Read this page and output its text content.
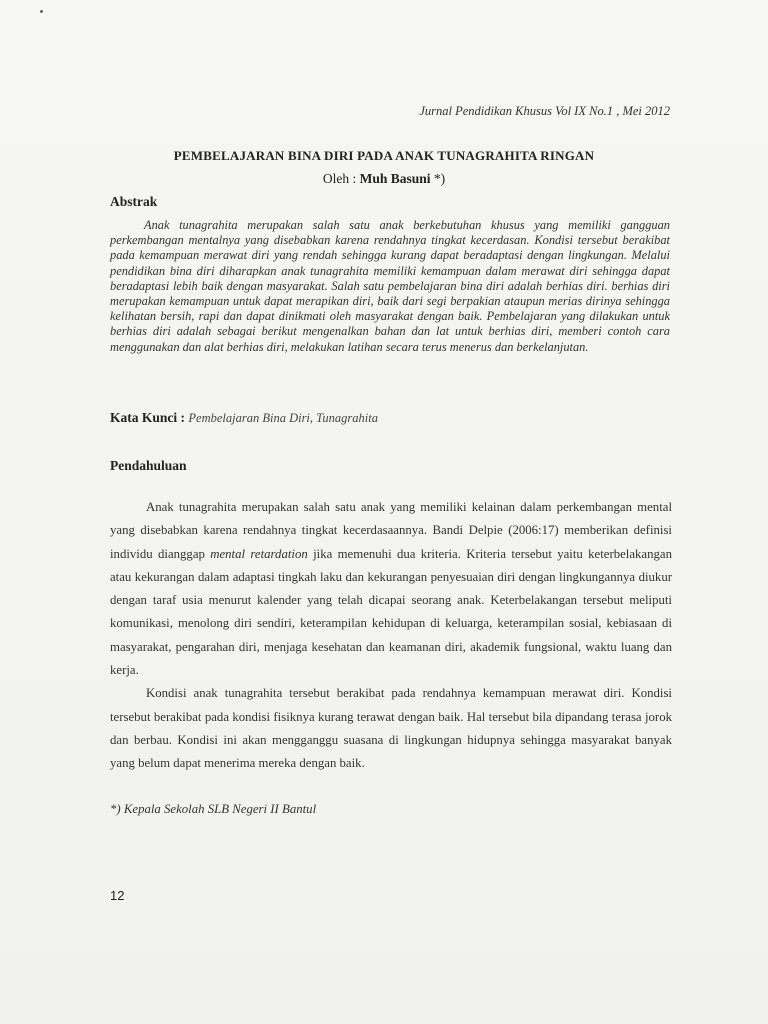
Jurnal Pendidikan Khusus Vol IX No.1 , Mei 2012
PEMBELAJARAN BINA DIRI PADA ANAK TUNAGRAHITA RINGAN
Oleh : Muh Basuni *)
Abstrak
Anak tunagrahita merupakan salah satu anak berkebutuhan khusus yang memiliki gangguan perkembangan mentalnya yang disebabkan karena rendahnya tingkat kecerdasan. Kondisi tersebut berakibat pada kemampuan merawat diri yang rendah sehingga kurang dapat beradaptasi dengan lingkungan. Melalui pendidikan bina diri diharapkan anak tunagrahita memiliki kemampuan dalam merawat diri sehingga dapat beradaptasi lebih baik dengan masyarakat. Salah satu pembelajaran bina diri adalah berhias diri. berhias diri merupakan kemampuan untuk dapat merapikan diri, baik dari segi berpakian ataupun merias dirinya sehingga kelihatan bersih, rapi dan dapat dinikmati oleh masyarakat dengan baik. Pembelajaran yang dilakukan untuk berhias diri adalah sebagai berikut mengenalkan bahan dan lat untuk berhias diri, memberi contoh cara menggunakan dan alat berhias diri, melakukan latihan secara terus menerus dan berkelanjutan.
Kata Kunci : Pembelajaran Bina Diri, Tunagrahita
Pendahuluan

Anak tunagrahita merupakan salah satu anak yang memiliki kelainan dalam perkembangan mental yang disebabkan karena rendahnya tingkat kecerdasaannya. Bandi Delpie (2006:17) memberikan definisi individu dianggap mental retardation jika memenuhi dua kriteria. Kriteria tersebut yaitu keterbelakangan atau kekurangan dalam adaptasi tingkah laku dan kekurangan penyesuaian diri dengan lingkungannya diukur dengan taraf usia menurut kalender yang telah dicapai seorang anak. Keterbelakangan tersebut meliputi komunikasi, menolong diri sendiri, keterampilan kehidupan di keluarga, keterampilan sosial, kebiasaan di masyarakat, pengarahan diri, menjaga kesehatan dan keamanan diri, akademik fungsional, waktu luang dan kerja.

Kondisi anak tunagrahita tersebut berakibat pada rendahnya kemampuan merawat diri. Kondisi tersebut berakibat pada kondisi fisiknya kurang terawat dengan baik. Hal tersebut bila dipandang terasa jorok dan berbau. Kondisi ini akan mengganggu suasana di lingkungan hidupnya sehingga masyarakat banyak yang belum dapat menerima mereka dengan baik.

*) Kepala Sekolah SLB Negeri II Bantul
12
